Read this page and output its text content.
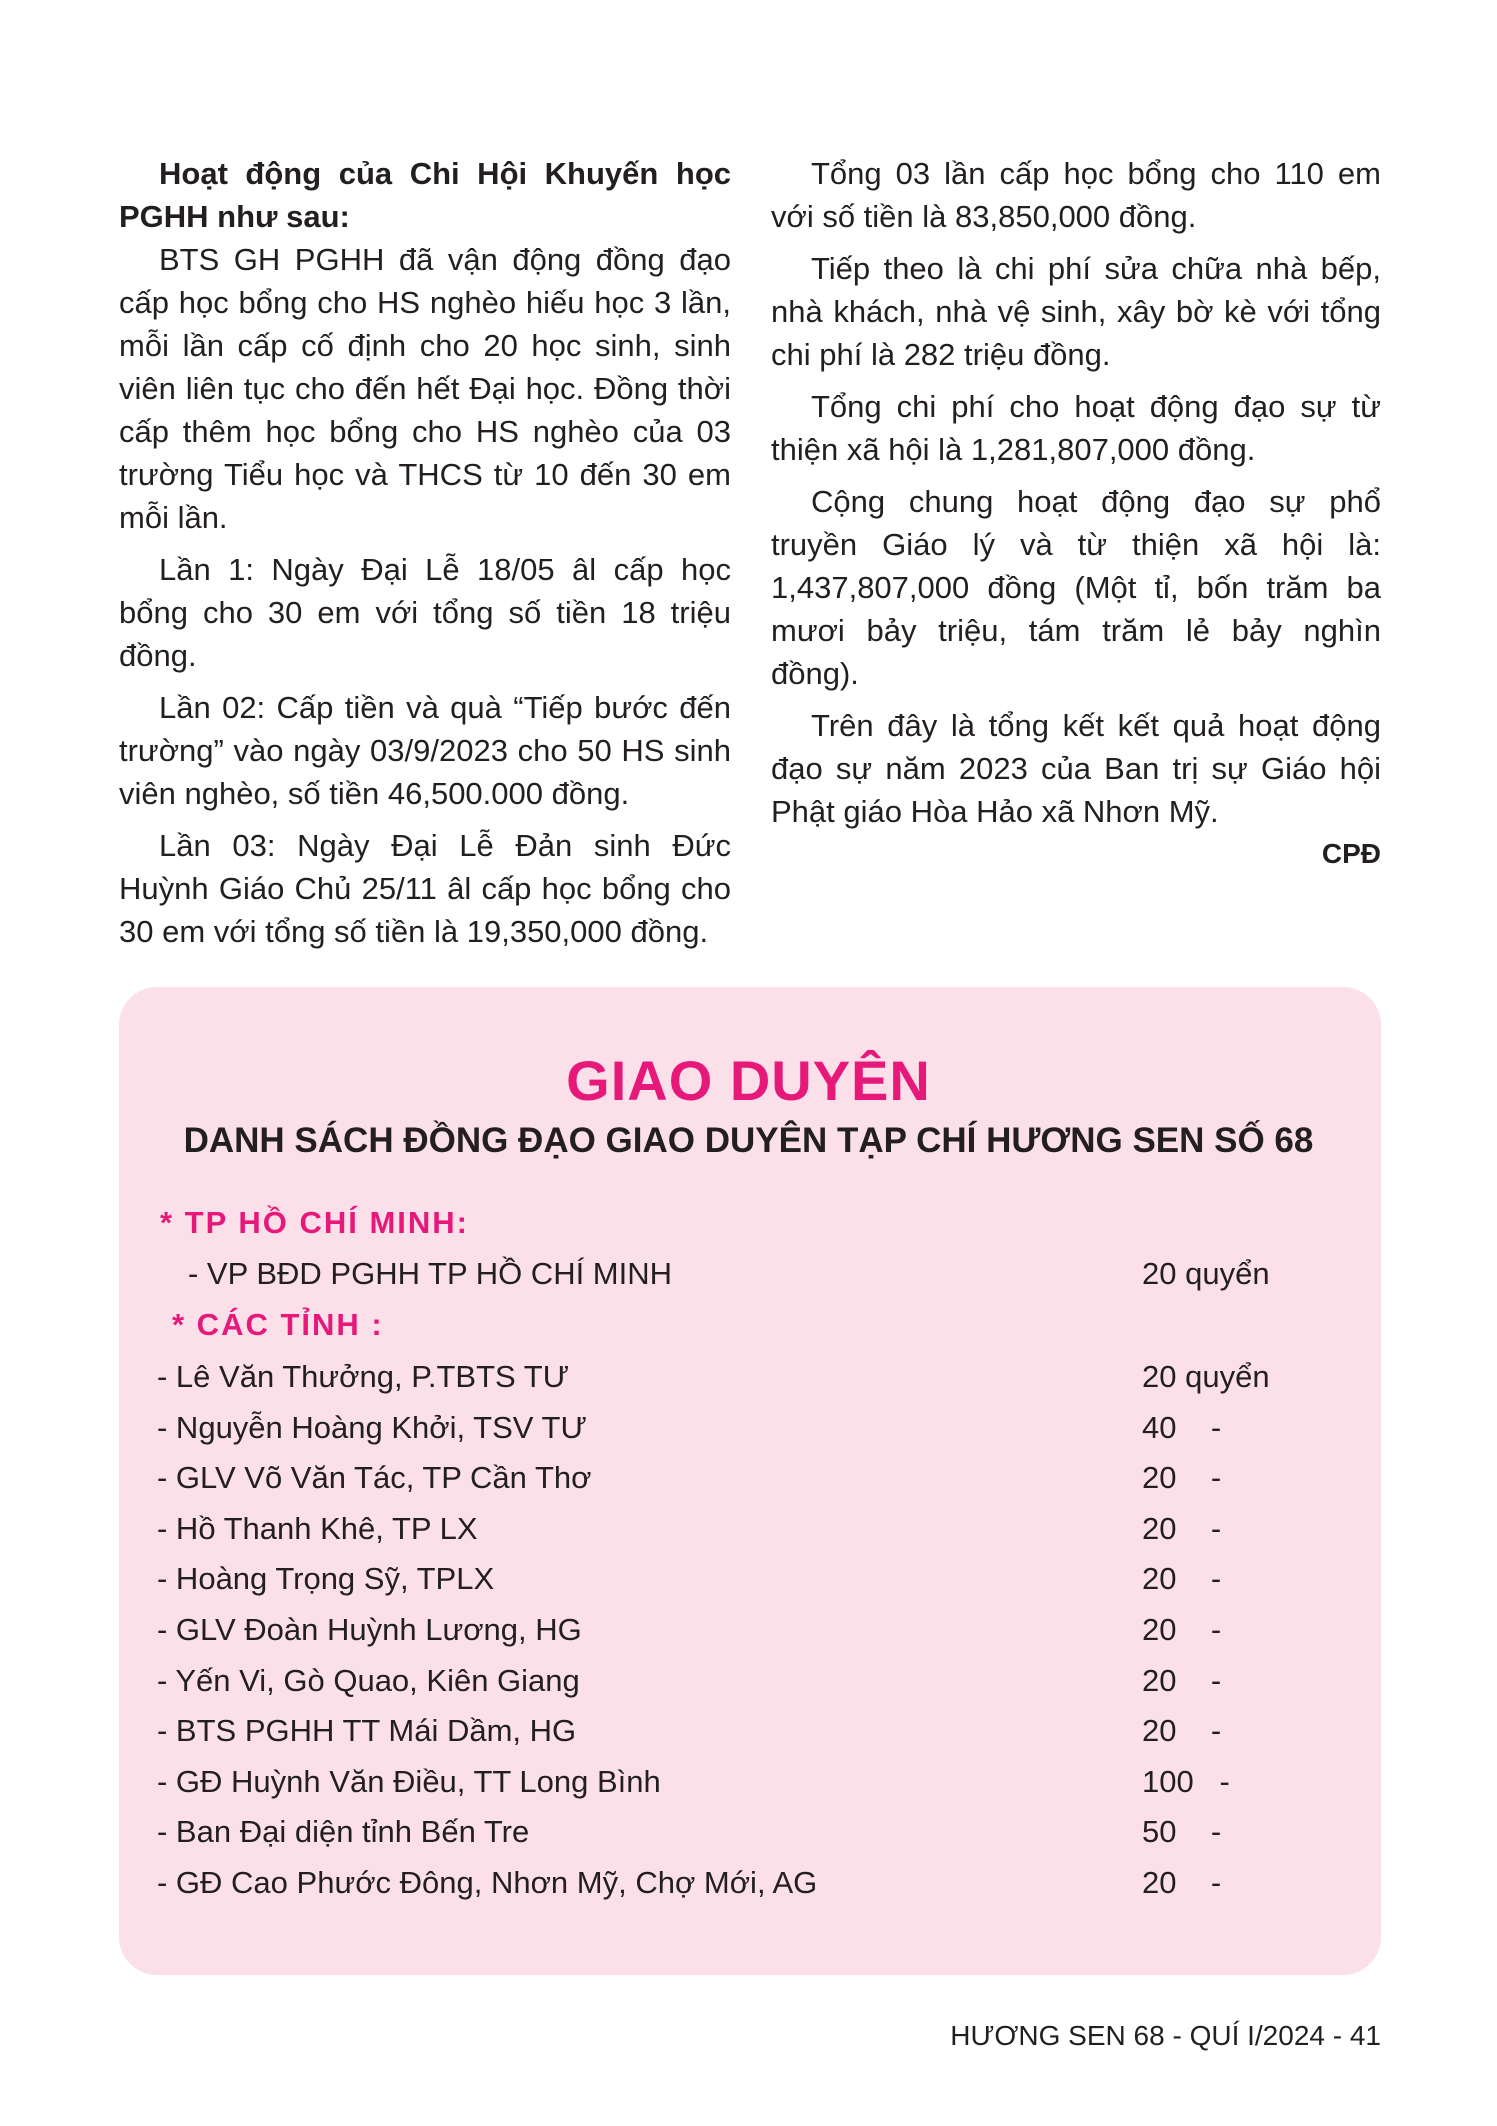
Hoạt động của Chi Hội Khuyến học PGHH như sau:

BTS GH PGHH đã vận động đồng đạo cấp học bổng cho HS nghèo hiếu học 3 lần, mỗi lần cấp cố định cho 20 học sinh, sinh viên liên tục cho đến hết Đại học. Đồng thời cấp thêm học bổng cho HS nghèo của 03 trường Tiểu học và THCS từ 10 đến 30 em mỗi lần.

Lần 1: Ngày Đại Lễ 18/05 âl cấp học bổng cho 30 em với tổng số tiền 18 triệu đồng.

Lần 02: Cấp tiền và quà “Tiếp bước đến trường” vào ngày 03/9/2023 cho 50 HS sinh viên nghèo, số tiền 46,500.000 đồng.

Lần 03: Ngày Đại Lễ Đản sinh Đức Huỳnh Giáo Chủ 25/11 âl cấp học bổng cho 30 em với tổng số tiền là 19,350,000 đồng.

Tổng 03 lần cấp học bổng cho 110 em với số tiền là 83,850,000 đồng.

Tiếp theo là chi phí sửa chữa nhà bếp, nhà khách, nhà vệ sinh, xây bờ kè với tổng chi phí là 282 triệu đồng.

Tổng chi phí cho hoạt động đạo sự từ thiện xã hội là 1,281,807,000 đồng.

Cộng chung hoạt động đạo sự phổ truyền Giáo lý và từ thiện xã hội là: 1,437,807,000 đồng (Một tỉ, bốn trăm ba mươi bảy triệu, tám trăm lẻ bảy nghìn đồng).

Trên đây là tổng kết kết quả hoạt động đạo sự năm 2023 của Ban trị sự Giáo hội Phật giáo Hòa Hảo xã Nhơn Mỹ.

CPĐ
GIAO DUYÊN
DANH SÁCH ĐỒNG ĐẠO GIAO DUYÊN TẠP CHÍ HƯƠNG SEN SỐ 68
* TP HỒ CHÍ MINH:
- VP BĐD PGHH TP HỒ CHÍ MINH	20 quyển
* CÁC TỈNH :
- Lê Văn Thưởng, P.TBTS TƯ	20 quyển
- Nguyễn Hoàng Khởi, TSV TƯ	40    -
- GLV Võ Văn Tác, TP Cần Thơ	20    -
- Hồ Thanh Khê, TP LX	20    -
- Hoàng Trọng Sỹ, TPLX	20    -
- GLV Đoàn Huỳnh Lương, HG	20    -
- Yến Vi, Gò Quao, Kiên Giang	20    -
- BTS PGHH TT Mái Dầm, HG	20    -
- GĐ Huỳnh Văn Điều, TT Long Bình	100   -
- Ban Đại diện tỉnh Bến Tre	50    -
- GĐ Cao Phước Đông, Nhơn Mỹ, Chợ Mới, AG	20    -
HƯƠNG SEN 68 - QUÍ I/2024 - 41
